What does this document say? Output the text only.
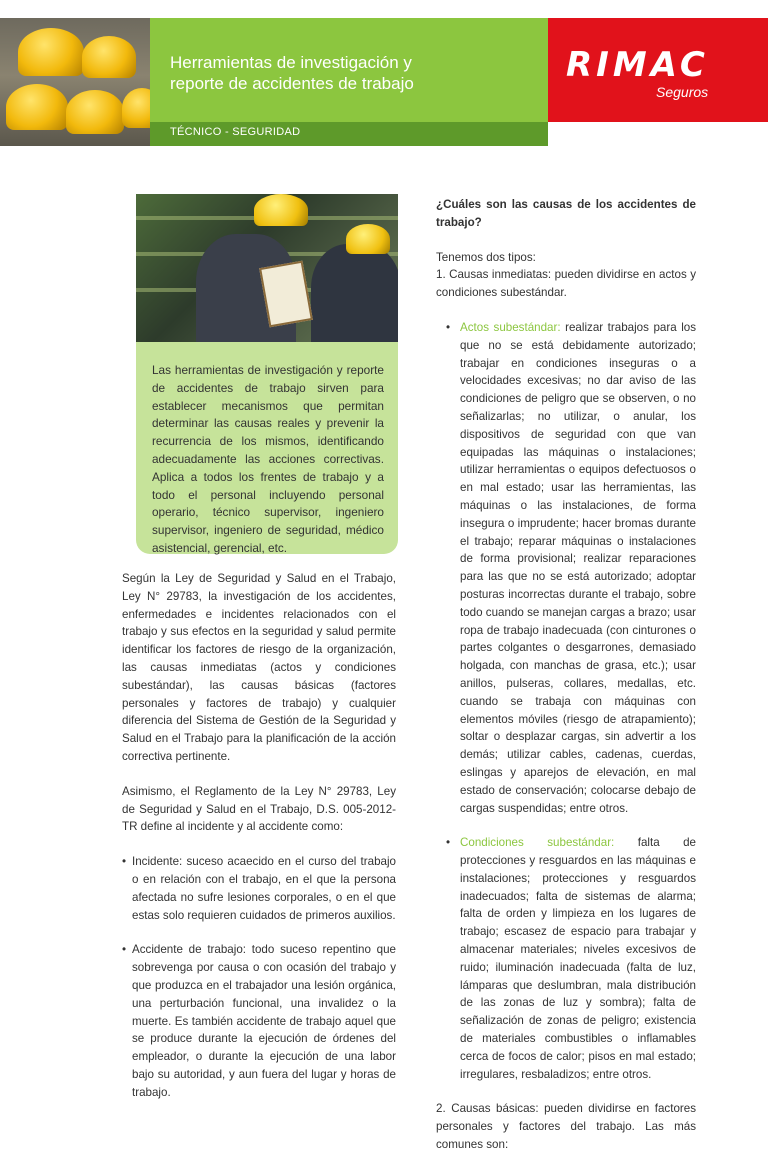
Herramientas de investigación y
reporte de accidentes de trabajo
TÉCNICO - SEGURIDAD
RIMAC
Seguros
Las herramientas de investigación y reporte de accidentes de trabajo sirven para establecer mecanismos que permitan determinar las causas reales y prevenir la recurrencia de los mismos, identificando adecuadamente las acciones correctivas. Aplica a todos los frentes de trabajo y a todo el personal incluyendo personal operario, técnico supervisor, ingeniero supervisor, ingeniero de seguridad, médico asistencial, gerencial, etc.

Según la Ley de Seguridad y Salud en el Trabajo, Ley N° 29783, la investigación de los accidentes, enfermedades e incidentes relacionados con el trabajo y sus efectos en la seguridad y salud permite identificar los factores de riesgo de la organización, las causas inmediatas (actos y condiciones subestándar), las causas básicas (factores personales y factores de trabajo) y cualquier diferencia del Sistema de Gestión de la Seguridad y Salud en el Trabajo para la planificación de la acción correctiva pertinente.

Asimismo, el Reglamento de la Ley N° 29783, Ley de Seguridad y Salud en el Trabajo, D.S. 005-2012-TR define al incidente y al accidente como:

• Incidente: suceso acaecido en el curso del trabajo o en relación con el trabajo, en el que la persona afectada no sufre lesiones corporales, o en el que estas solo requieren cuidados de primeros auxilios.
• Accidente de trabajo: todo suceso repentino que sobrevenga por causa o con ocasión del trabajo y que produzca en el trabajador una lesión orgánica, una perturbación funcional, una invalidez o la muerte. Es también accidente de trabajo aquel que se produce durante la ejecución de órdenes del empleador, o durante la ejecución de una labor bajo su autoridad, y aun fuera del lugar y horas de trabajo.
¿Cuáles son las causas de los accidentes de trabajo?

Tenemos dos tipos:

1. Causas inmediatas: pueden dividirse en actos y condiciones subestándar.

• Actos subestándar: realizar trabajos para los que no se está debidamente autorizado; trabajar en condiciones inseguras o a velocidades excesivas; no dar aviso de las condiciones de peligro que se observen, o no señalizarlas; no utilizar, o anular, los dispositivos de seguridad con que van equipadas las máquinas o instalaciones; utilizar herramientas o equipos defectuosos o en mal estado; usar las herramientas, las máquinas o las instalaciones, de forma insegura o imprudente; hacer bromas durante el trabajo; reparar máquinas o instalaciones de forma provisional; realizar reparaciones para las que no se está autorizado; adoptar posturas incorrectas durante el trabajo, sobre todo cuando se manejan cargas a brazo; usar ropa de trabajo inadecuada (con cinturones o partes colgantes o desgarrones, demasiado holgada, con manchas de grasa, etc.); usar anillos, pulseras, collares, medallas, etc. cuando se trabaja con máquinas con elementos móviles (riesgo de atrapamiento); soltar o desplazar cargas, sin advertir a los demás; utilizar cables, cadenas, cuerdas, eslingas y aparejos de elevación, en mal estado de conservación; colocarse debajo de cargas suspendidas; entre otros.
• Condiciones subestándar: falta de protecciones y resguardos en las máquinas e instalaciones; protecciones y resguardos inadecuados; falta de sistemas de alarma; falta de orden y limpieza en los lugares de trabajo; escasez de espacio para trabajar y almacenar materiales; niveles excesivos de ruido; iluminación inadecuada (falta de luz, lámparas que deslumbran, mala distribución de las zonas de luz y sombra); falta de señalización de zonas de peligro; existencia de materiales combustibles o inflamables cerca de focos de calor; pisos en mal estado; irregulares, resbaladizos; entre otros.

2. Causas básicas: pueden dividirse en factores personales y factores del trabajo. Las más comunes son:
